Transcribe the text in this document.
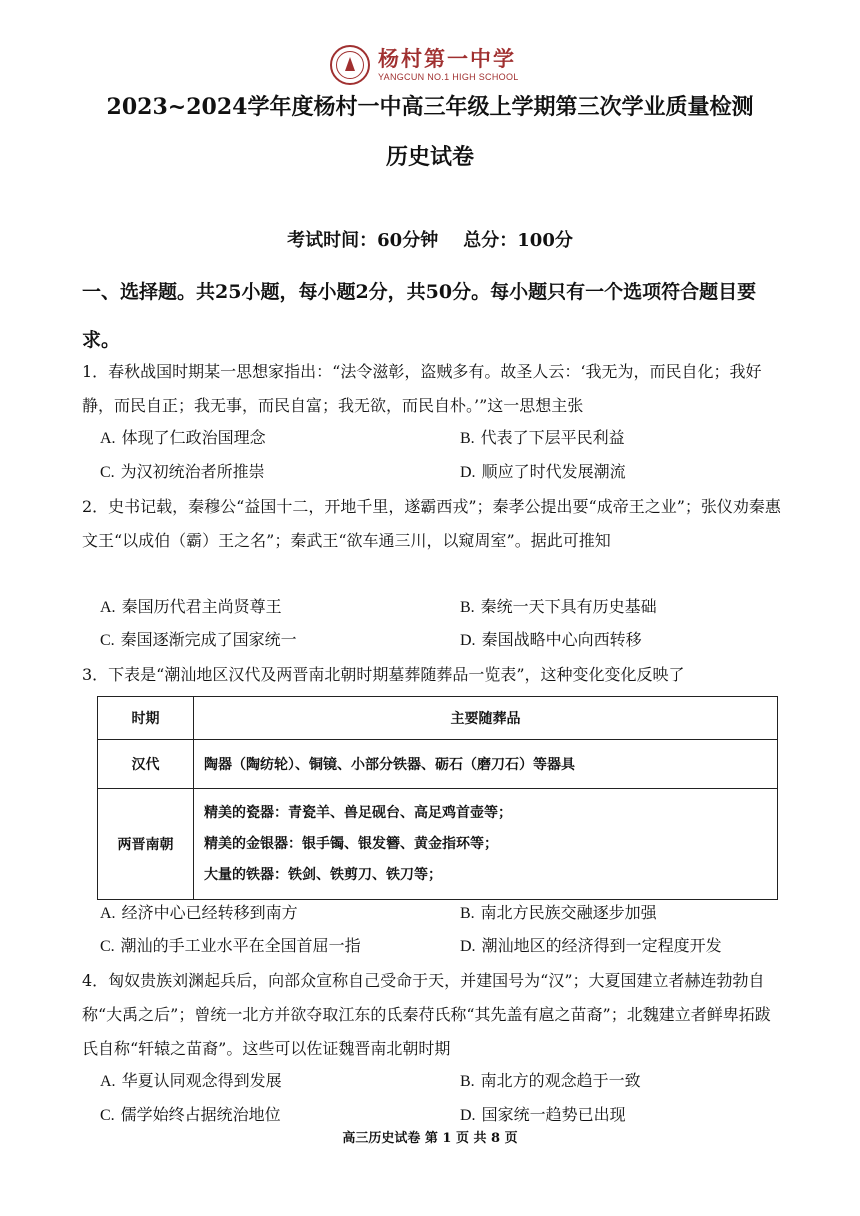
杨村第一中学
YANGCUN NO.1 HIGH SCHOOL
2023~2024学年度杨村一中高三年级上学期第三次学业质量检测
历史试卷
考试时间：60分钟    总分：100分
一、选择题。共25小题，每小题2分，共50分。每小题只有一个选项符合题目要求。
1．春秋战国时期某一思想家指出：“法令滋彰，盗贼多有。故圣人云：‘我无为，而民自化；我好静，而民自正；我无事，而民自富；我无欲，而民自朴。’”这一思想主张
A. 体现了仁政治国理念	B. 代表了下层平民利益
C. 为汉初统治者所推崇	D. 顺应了时代发展潮流
2．史书记载，秦穆公“益国十二，开地千里，遂霸西戎”；秦孝公提出要“成帝王之业”；张仪劝秦惠文王“以成伯（霸）王之名”；秦武王“欲车通三川，以窥周室”。据此可推知
A. 秦国历代君主尚贤尊王	B. 秦统一天下具有历史基础
C. 秦国逐渐完成了国家统一	D. 秦国战略中心向西转移
3．下表是“潮汕地区汉代及两晋南北朝时期墓葬随葬品一览表”，这种变化变化反映了
时期	主要随葬品
汉代	陶器（陶纺轮）、铜镜、小部分铁器、砺石（磨刀石）等器具
两晋南朝	精美的瓷器：青瓷羊、兽足砚台、高足鸡首壶等；
精美的金银器：银手镯、银发簪、黄金指环等；
大量的铁器：铁剑、铁剪刀、铁刀等；
A. 经济中心已经转移到南方	B. 南北方民族交融逐步加强
C. 潮汕的手工业水平在全国首屈一指	D. 潮汕地区的经济得到一定程度开发
4．匈奴贵族刘渊起兵后，向部众宣称自己受命于天，并建国号为“汉”；大夏国建立者赫连勃勃自称“大禹之后”；曾统一北方并欲夺取江东的氐秦苻氏称“其先盖有扈之苗裔”；北魏建立者鲜卑拓跋氏自称“轩辕之苗裔”。这些可以佐证魏晋南北朝时期
A. 华夏认同观念得到发展	B. 南北方的观念趋于一致
C. 儒学始终占据统治地位	D. 国家统一趋势已出现
高三历史试卷 第 1 页 共 8 页
